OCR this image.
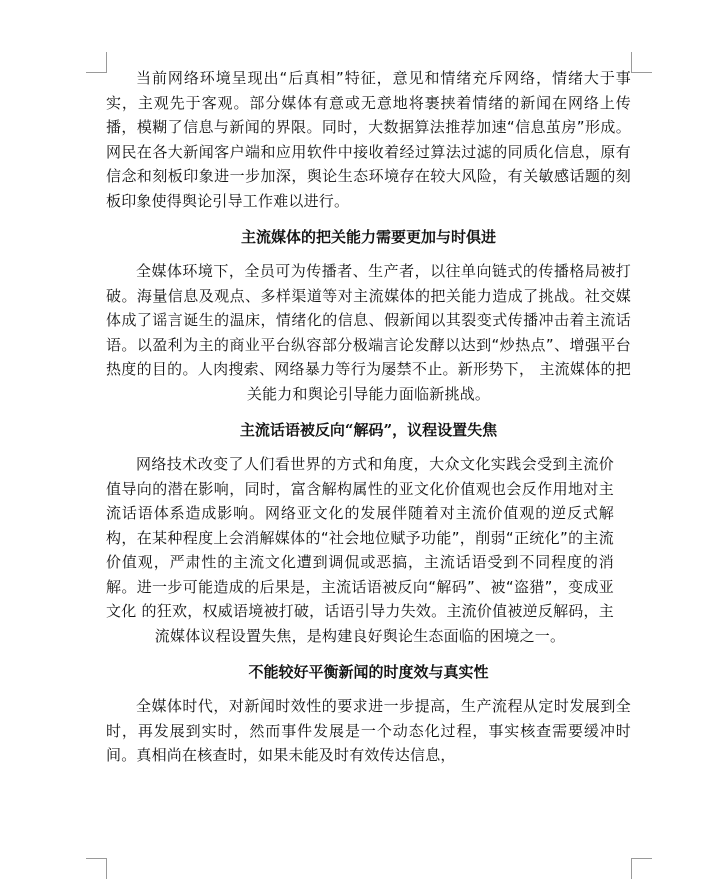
当前网络环境呈现出“后真相”特征，意见和情绪充斥网络，情绪大于事实，主观先于客观。部分媒体有意或无意地将裹挟着情绪的新闻在网络上传播，模糊了信息与新闻的界限。同时，大数据算法推荐加速“信息茧房”形成。网民在各大新闻客户端和应用软件中接收着经过算法过滤的同质化信息，原有信念和刻板印象进一步加深，舆论生态环境存在较大风险，有关敏感话题的刻板印象使得舆论引导工作难以进行。

主流媒体的把关能力需要更加与时俱进

全媒体环境下，全员可为传播者、生产者，以往单向链式的传播格局被打破。海量信息及观点、多样渠道等对主流媒体的把关能力造成了挑战。社交媒体成了谣言诞生的温床，情绪化的信息、假新闻以其裂变式传播冲击着主流话语。以盈利为主的商业平台纵容部分极端言论发酵以达到“炒热点”、增强平台热度的目的。人肉搜索、网络暴力等行为屡禁不止。新形势下， 主流媒体的把关能力和舆论引导能力面临新挑战。

主流话语被反向“解码”，议程设置失焦

网络技术改变了人们看世界的方式和角度，大众文化实践会受到主流价值导向的潜在影响，同时，富含解构属性的亚文化价值观也会反作用地对主流话语体系造成影响。网络亚文化的发展伴随着对主流价值观的逆反式解构，在某种程度上会消解媒体的“社会地位赋予功能”，削弱“正统化”的主流价值观，严肃性的主流文化遭到调侃或恶搞，主流话语受到不同程度的消解。进一步可能造成的后果是，主流话语被反向“解码”、被“盗猎”，变成亚文化 的狂欢，权威语境被打破，话语引导力失效。主流价值被逆反解码，主流媒体议程设置失焦，是构建良好舆论生态面临的困境之一。

不能较好平衡新闻的时度效与真实性

全媒体时代，对新闻时效性的要求进一步提高，生产流程从定时发展到全时，再发展到实时，然而事件发展是一个动态化过程，事实核查需要缓冲时间。真相尚在核查时，如果未能及时有效传达信息，
